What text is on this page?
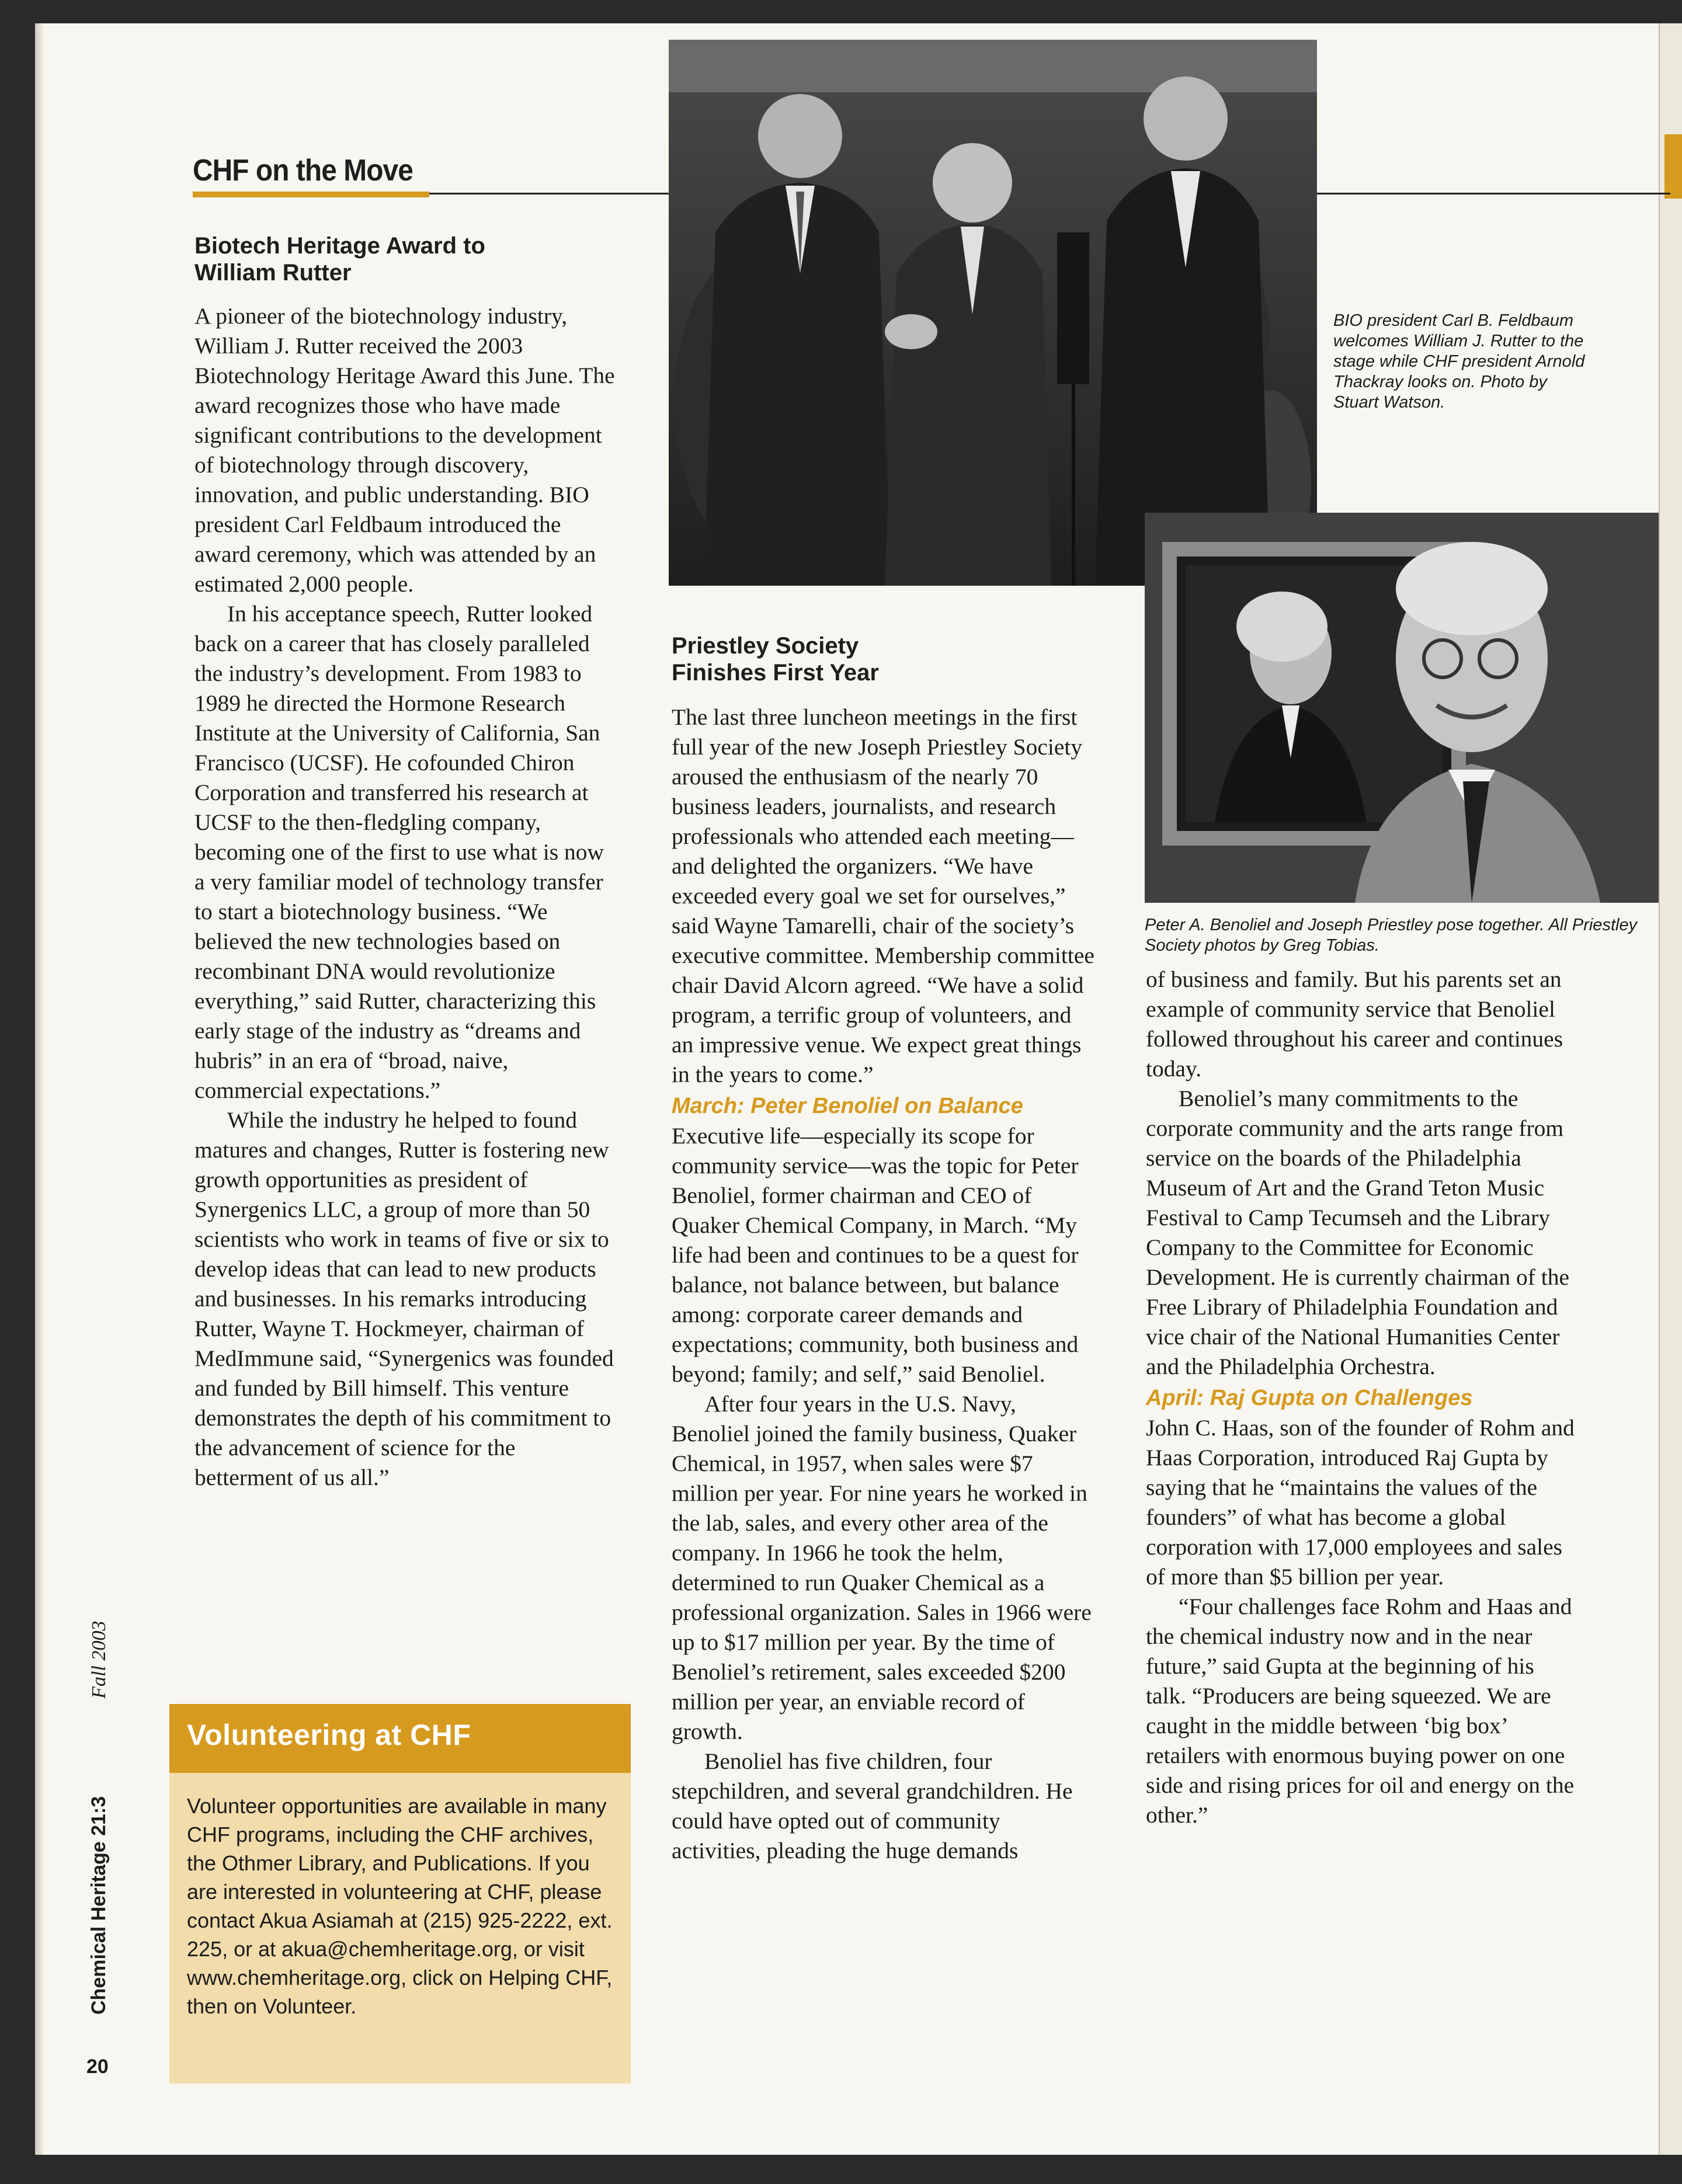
CHF on the Move
BIO president Carl B. Feldbaum welcomes William J. Rutter to the stage while CHF president Arnold Thackray looks on. Photo by Stuart Watson.
Peter A. Benoliel and Joseph Priestley pose together. All Priestley Society photos by Greg Tobias.
Biotech Heritage Award to William Rutter

A pioneer of the biotechnology industry, William J. Rutter received the 2003 Biotechnology Heritage Award this June. The award recognizes those who have made significant contributions to the development of biotechnology through discovery, innovation, and public understanding. BIO president Carl Feldbaum introduced the award ceremony, which was attended by an estimated 2,000 people.

In his acceptance speech, Rutter looked back on a career that has closely paralleled the industry’s development. From 1983 to 1989 he directed the Hormone Research Institute at the University of California, San Francisco (UCSF). He cofounded Chiron Corporation and transferred his research at UCSF to the then-fledgling company, becoming one of the first to use what is now a very familiar model of technology transfer to start a biotechnology business. “We believed the new technologies based on recombinant DNA would revolutionize everything,” said Rutter, characterizing this early stage of the industry as “dreams and hubris” in an era of “broad, naive, commercial expectations.”

While the industry he helped to found matures and changes, Rutter is fostering new growth opportunities as president of Synergenics LLC, a group of more than 50 scientists who work in teams of five or six to develop ideas that can lead to new products and businesses. In his remarks introducing Rutter, Wayne T. Hockmeyer, chairman of MedImmune said, “Synergenics was founded and funded by Bill himself. This venture demonstrates the depth of his commitment to the advancement of science for the betterment of us all.”

Volunteering at CHF
Volunteer opportunities are available in many CHF programs, including the CHF archives, the Othmer Library, and Publications. If you are interested in volunteering at CHF, please contact Akua Asiamah at (215) 925-2222, ext. 225, or at akua@chemheritage.org, or visit www.chemheritage.org, click on Helping CHF, then on Volunteer.
Priestley Society Finishes First Year

The last three luncheon meetings in the first full year of the new Joseph Priestley Society aroused the enthusiasm of the nearly 70 business leaders, journalists, and research professionals who attended each meeting—and delighted the organizers. “We have exceeded every goal we set for ourselves,” said Wayne Tamarelli, chair of the society’s executive committee. Membership committee chair David Alcorn agreed. “We have a solid program, a terrific group of volunteers, and an impressive venue. We expect great things in the years to come.”

March: Peter Benoliel on Balance

Executive life—especially its scope for community service—was the topic for Peter Benoliel, former chairman and CEO of Quaker Chemical Company, in March. “My life had been and continues to be a quest for balance, not balance between, but balance among: corporate career demands and expectations; community, both business and beyond; family; and self,” said Benoliel.

After four years in the U.S. Navy, Benoliel joined the family business, Quaker Chemical, in 1957, when sales were $7 million per year. For nine years he worked in the lab, sales, and every other area of the company. In 1966 he took the helm, determined to run Quaker Chemical as a professional organization. Sales in 1966 were up to $17 million per year. By the time of Benoliel’s retirement, sales exceeded $200 million per year, an enviable record of growth.

Benoliel has five children, four stepchildren, and several grandchildren. He could have opted out of community activities, pleading the huge demands

of business and family. But his parents set an example of community service that Benoliel followed throughout his career and continues today.

Benoliel’s many commitments to the corporate community and the arts range from service on the boards of the Philadelphia Museum of Art and the Grand Teton Music Festival to Camp Tecumseh and the Library Company to the Committee for Economic Development. He is currently chairman of the Free Library of Philadelphia Foundation and vice chair of the National Humanities Center and the Philadelphia Orchestra.

April: Raj Gupta on Challenges

John C. Haas, son of the founder of Rohm and Haas Corporation, introduced Raj Gupta by saying that he “maintains the values of the founders” of what has become a global corporation with 17,000 employees and sales of more than $5 billion per year.

“Four challenges face Rohm and Haas and the chemical industry now and in the near future,” said Gupta at the beginning of his talk. “Producers are being squeezed. We are caught in the middle between ‘big box’ retailers with enormous buying power on one side and rising prices for oil and energy on the other.”

Chemical Heritage 21:3  Fall 2003
20
